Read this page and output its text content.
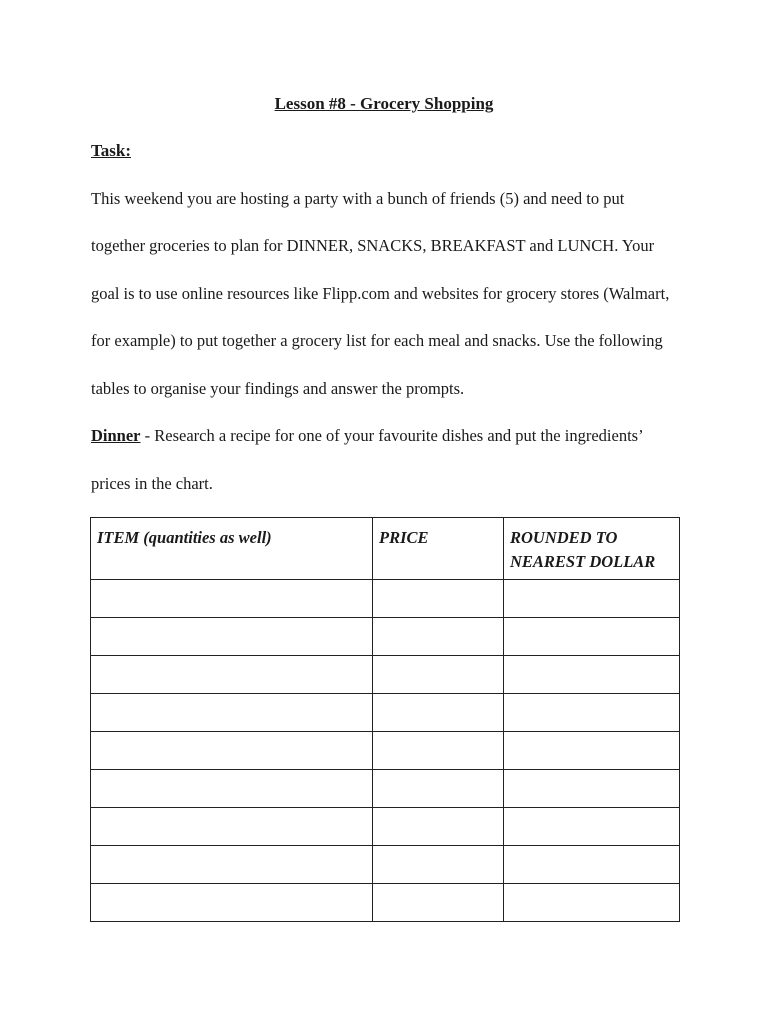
Lesson #8 - Grocery Shopping
Task:

This weekend you are hosting a party with a bunch of friends (5) and need to put

together groceries to plan for DINNER, SNACKS, BREAKFAST and LUNCH. Your

goal is to use online resources like Flipp.com and websites for grocery stores (Walmart,

for example) to put together a grocery list for each meal and snacks. Use the following

tables to organise your findings and answer the prompts.

Dinner - Research a recipe for one of your favourite dishes and put the ingredients’

prices in the chart.

ITEM (quantities as well)	PRICE	ROUNDED TO NEAREST DOLLAR
